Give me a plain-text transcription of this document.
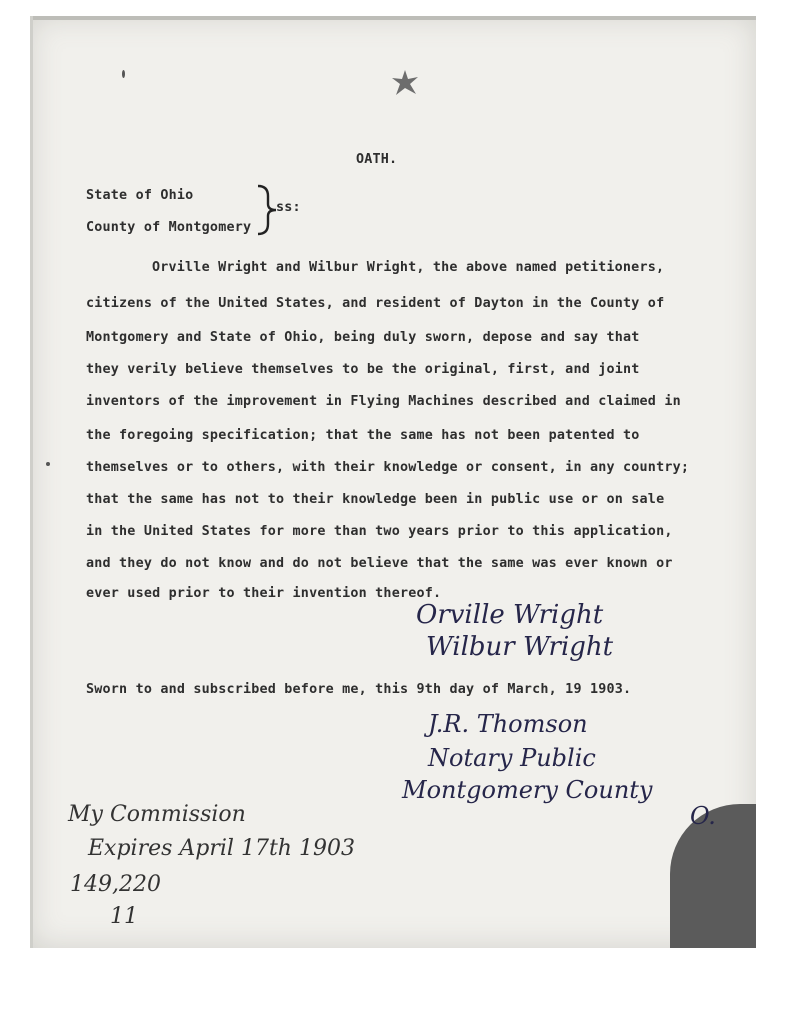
OATH.
State of Ohio
County of Montgomery
ss:
Orville Wright and Wilbur Wright, the above named petitioners,
citizens of the United States, and resident of Dayton in the County of
Montgomery and State of Ohio, being duly sworn, depose and say that
they verily believe themselves to be the original, first, and joint
inventors of the improvement in Flying Machines described and claimed in
the foregoing specification; that the same has not been patented to
themselves or to others, with their knowledge or consent, in any country;
that the same has not to their knowledge been in public use or on sale
in the United States for more than two years prior to this application,
and they do not know and do not believe that the same was ever known or
ever used prior to their invention thereof.
Orville Wright
Wilbur Wright
Sworn to and subscribed before me, this 9th day of March, 19 1903.
J.R. Thomson
Notary Public
Montgomery County
O.
My Commission
Expires April 17th 1903
149,220
11
